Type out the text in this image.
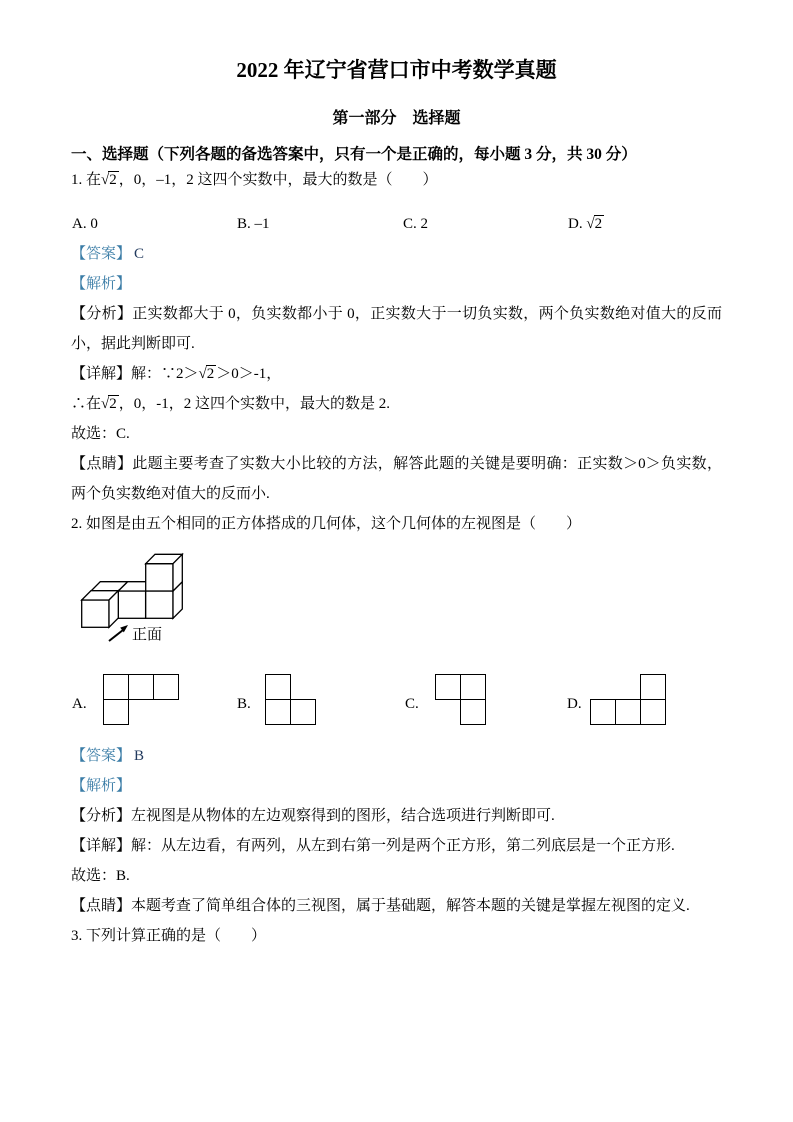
2022 年辽宁省营口市中考数学真题
第一部分　选择题

一、选择题（下列各题的备选答案中，只有一个是正确的，每小题 3 分，共 30 分）

1. 在√2 ，0，–1，2 这四个实数中，最大的数是（　　）

A. 0	B. –1	C. 2	D. √2

【答案】 C

【解析】

【分析】正实数都大于 0，负实数都小于 0，正实数大于一切负实数，两个负实数绝对值大的反而小，据此判断即可.

【详解】解：∵2＞√2 ＞0＞-1，

∴在√2 ，0，-1，2 这四个实数中，最大的数是 2.

故选：C.

【点睛】此题主要考查了实数大小比较的方法，解答此题的关键是要明确：正实数＞0＞负实数，两个负实数绝对值大的反而小.

2. 如图是由五个相同的正方体搭成的几何体，这个几何体的左视图是（　　）

正面
A.	B.	C.	D.

【答案】 B

【解析】

【分析】左视图是从物体的左边观察得到的图形，结合选项进行判断即可.

【详解】解：从左边看，有两列，从左到右第一列是两个正方形，第二列底层是一个正方形.

故选：B.

【点睛】本题考查了简单组合体的三视图，属于基础题，解答本题的关键是掌握左视图的定义.

3. 下列计算正确的是（　　）
